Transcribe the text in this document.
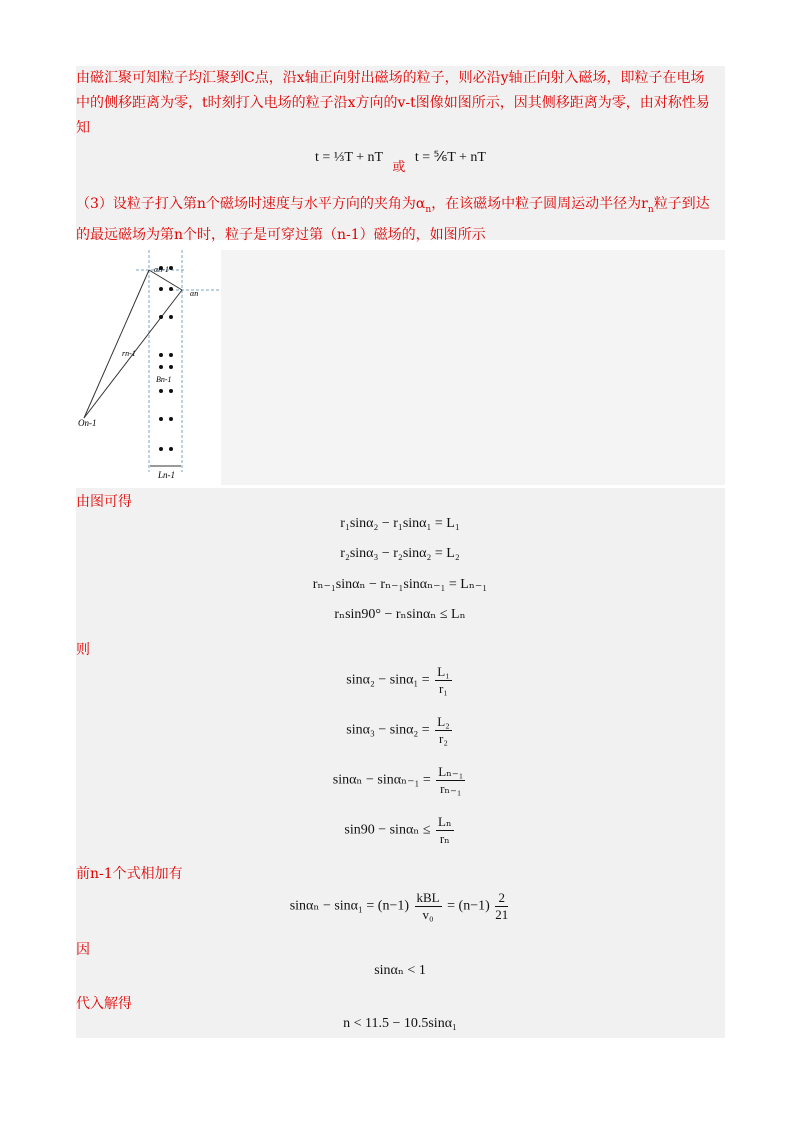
由磁汇聚可知粒子均汇聚到C点，沿x轴正向射出磁场的粒子，则必沿y轴正向射入磁场，即粒子在电场
中的侧移距离为零，t时刻打入电场的粒子沿x方向的v-t图像如图所示，因其侧移距离为零，由对称性易
知
t = ⅓T + nT 或 t = ⅚T + nT
（3）设粒子打入第n个磁场时速度与水平方向的夹角为$\alpha_n$，在该磁场中粒子圆周运动半径为$r_n$粒子到达
的最远磁场为第n个时，粒子是可穿过第（n-1）磁场的，如图所示
αn-1
αn
rn-1
Bn-1
On-1
Ln-1
由图可得
r₁sinα₂ − r₁sinα₁ = L₁
r₂sinα₃ − r₂sinα₂ = L₂
rₙ₋₁sinαₙ − rₙ₋₁sinαₙ₋₁ = Lₙ₋₁
rₙsin90° − rₙsinαₙ ≤ Lₙ
则
$\sin\alpha_2 - \sin\alpha_1 = \frac{\text{L₁}}{\text{r₁}}$
$\sin\alpha_3 - \sin\alpha_2 = \frac{\text{L₂}}{\text{r₂}}$
$\sin\alpha_n - \sin\alpha_{n-1} = \frac{\text{Lₙ₋₁}}{\text{rₙ₋₁}}$
$\sin 90 - \sin\alpha_n \le \frac{\text{Lₙ}}{\text{rₙ}}$
前n-1个式相加有
$\sin\alpha_n - \sin\alpha_1 = (n-1) \frac{\text{kBL}}{\text{v₀}} = (n-1) \frac{2}{21}$
因
sinαₙ < 1
代入解得
n < 11.5 − 10.5sinα₁
